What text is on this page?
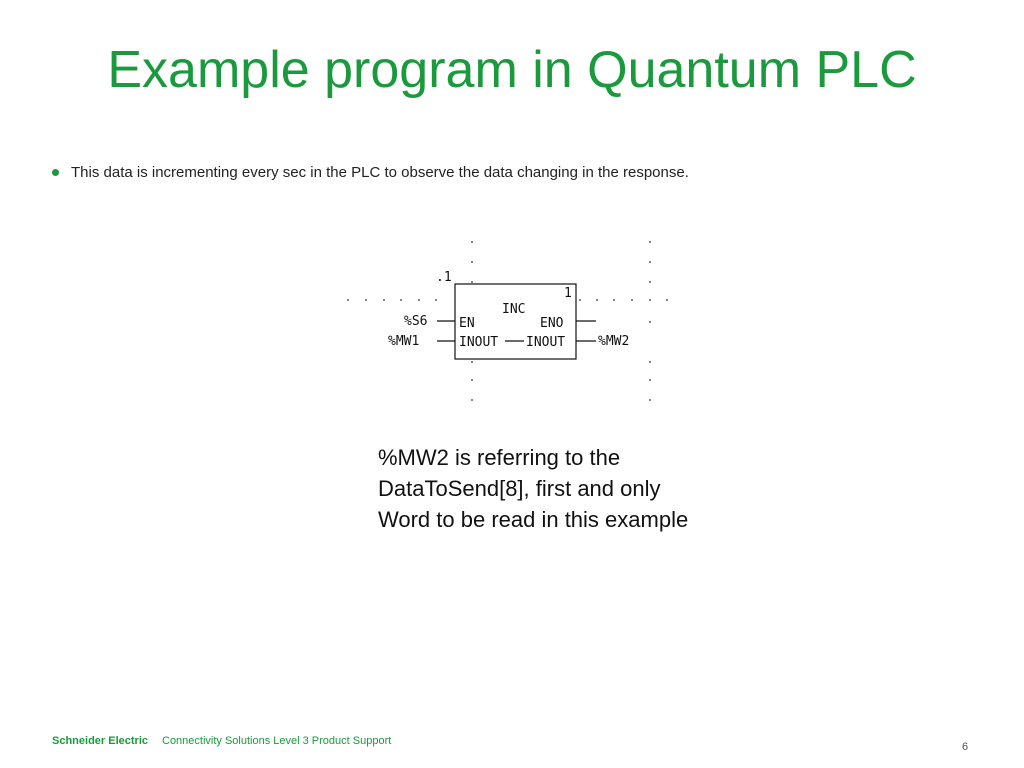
Example program in Quantum PLC
This data is incrementing every sec in the PLC to observe the data changing in the response.
.1
1
INC
EN
INOUT
ENO
INOUT
%S6
%MW1	%MW2
%MW2 is referring to the
DataToSend[8], first and only
Word to be read in this example
Schneider Electric Connectivity Solutions Level 3 Product Support	6
